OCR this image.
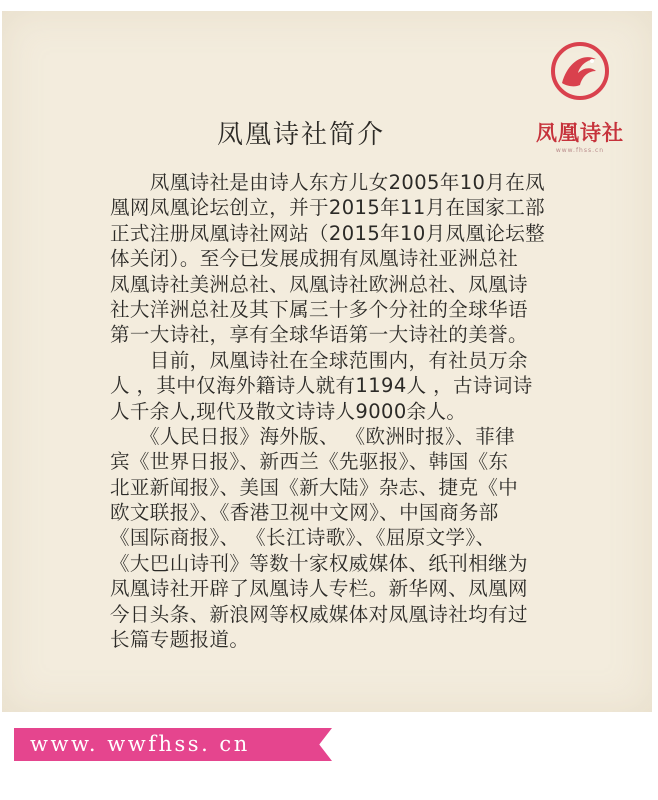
凤凰诗社
www.fhss.cn
凤凰诗社简介
　　凤凰诗社是由诗人东方儿女2005年10月在凤
凰网凤凰论坛创立，并于2015年11月在国家工部
正式注册凤凰诗社网站（2015年10月凤凰论坛整
体关闭）。至今已发展成拥有凤凰诗社亚洲总社
凤凰诗社美洲总社、凤凰诗社欧洲总社、凤凰诗
社大洋洲总社及其下属三十多个分社的全球华语
第一大诗社，享有全球华语第一大诗社的美誉。
　　目前，凤凰诗社在全球范围内，有社员万余
人 ，其中仅海外籍诗人就有1194人 ，古诗词诗
人千余人,现代及散文诗诗人9000余人。
　　《人民日报》海外版、 《欧洲时报》、菲律
宾《世界日报》、新西兰《先驱报》、韩国《东
北亚新闻报》、美国《新大陆》杂志、捷克《中
欧文联报》、《香港卫视中文网》、中国商务部
《国际商报》、 《长江诗歌》、《屈原文学》、
《大巴山诗刊》等数十家权威媒体、纸刊相继为
凤凰诗社开辟了凤凰诗人专栏。新华网、凤凰网
今日头条、新浪网等权威媒体对凤凰诗社均有过
长篇专题报道。
www. wwfhss. cn
